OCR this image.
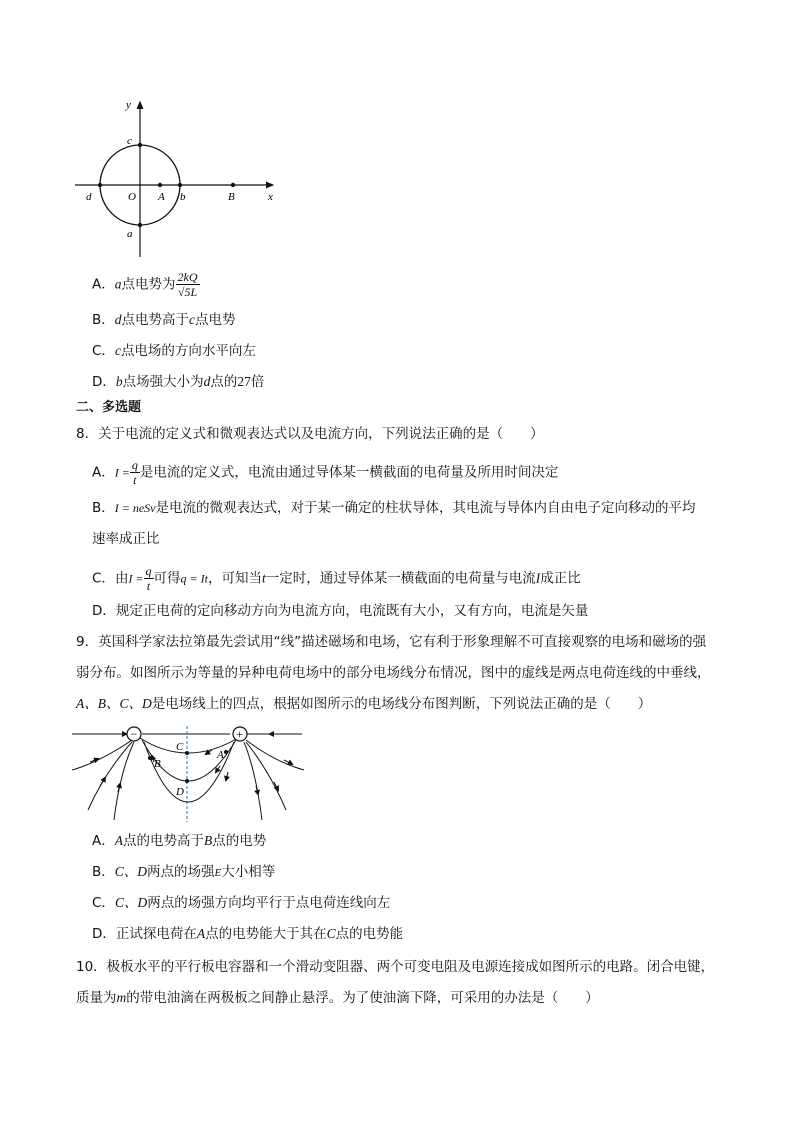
y
x
c
d	O A b	B
a
A．a点电势为 $\frac{2kQ}{√5L}$
B．d点电势高于c点电势
C．c点电场的方向水平向左
D．b点场强大小为d点的27倍
二、多选题
8．关于电流的定义式和微观表达式以及电流方向，下列说法正确的是（　　）
A．$I = \frac{q}{t}$ 是电流的定义式，电流由通过导体某一横截面的电荷量及所用时间决定
B．I = neSv是电流的微观表达式，对于某一确定的柱状导体，其电流与导体内自由电子定向移动的平均
速率成正比
C．由$I = \frac{q}{t}$ 可得q = It，可知当t一定时，通过导体某一横截面的电荷量与电流I成正比
D．规定正电荷的定向移动方向为电流方向，电流既有大小，又有方向，电流是矢量
9．英国科学家法拉第最先尝试用“线”描述磁场和电场，它有利于形象理解不可直接观察的电场和磁场的强
弱分布。如图所示为等量的异种电荷电场中的部分电场线分布情况，图中的虚线是两点电荷连线的中垂线，
A、B、C、D是电场线上的四点，根据如图所示的电场线分布图判断，下列说法正确的是（　　）
−	+
C
A
B
D
A．A点的电势高于B点的电势
B．C、D两点的场强E大小相等
C．C、D两点的场强方向均平行于点电荷连线向左
D．正试探电荷在A点的电势能大于其在C点的电势能
10．极板水平的平行板电容器和一个滑动变阻器、两个可变电阻及电源连接成如图所示的电路。闭合电键，
质量为m的带电油滴在两极板之间静止悬浮。为了使油滴下降，可采用的办法是（　　）
